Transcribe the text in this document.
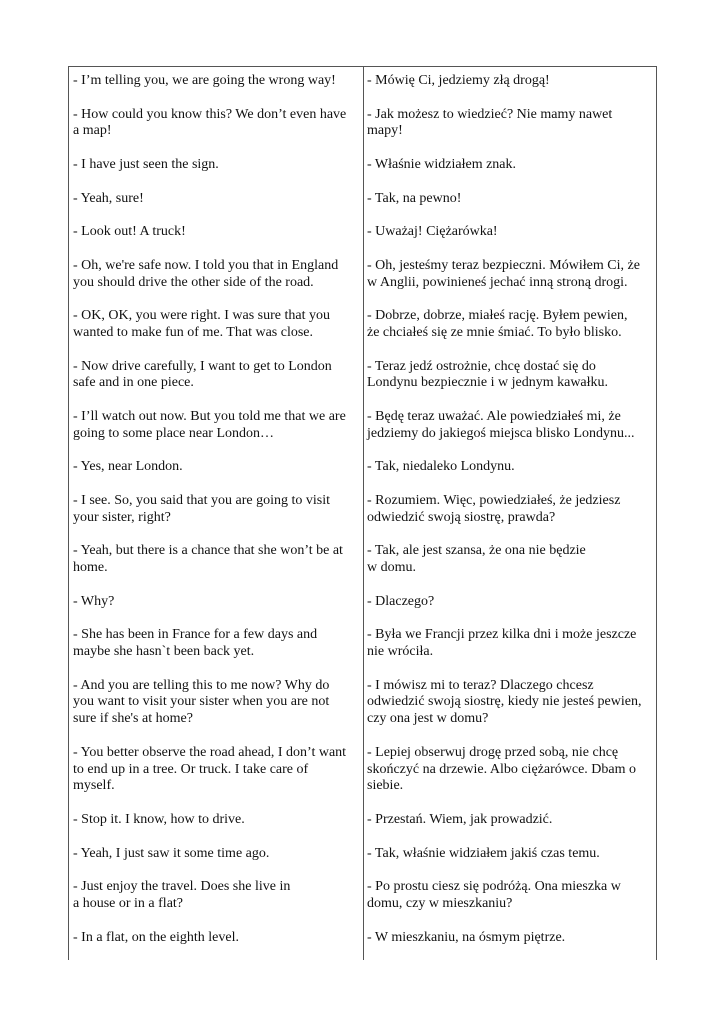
- I’m telling you, we are going the wrong way!
- How could you know this? We don’t even have
a map!
- I have just seen the sign.
- Yeah, sure!
- Look out! A truck!
- Oh, we're safe now. I told you that in England
you should drive the other side of the road.
- OK, OK, you were right. I was sure that you
wanted to make fun of me. That was close.
- Now drive carefully, I want to get to London
safe and in one piece.
- I’ll watch out now. But you told me that we are
going to some place near London…
- Yes, near London.
- I see. So, you said that you are going to visit
your sister, right?
- Yeah, but there is a chance that she won’t be at
home.
- Why?
- She has been in France for a few days and
maybe she hasn`t been back yet.
- And you are telling this to me now? Why do
you want to visit your sister when you are not
sure if she's at home?
- You better observe the road ahead, I don’t want
to end up in a tree. Or truck. I take care of
myself.
- Stop it. I know, how to drive.
- Yeah, I just saw it some time ago.
- Just enjoy the travel. Does she live in
a house or in a flat?
- In a flat, on the eighth level.
- Mówię Ci, jedziemy złą drogą!
- Jak możesz to wiedzieć? Nie mamy nawet
mapy!
- Właśnie widziałem znak.
- Tak, na pewno!
- Uważaj! Ciężarówka!
- Oh, jesteśmy teraz bezpieczni. Mówiłem Ci, że
w Anglii, powinieneś jechać inną stroną drogi.
- Dobrze, dobrze, miałeś rację. Byłem pewien,
że chciałeś się ze mnie śmiać. To było blisko.
- Teraz jedź ostrożnie, chcę dostać się do
Londynu bezpiecznie i w jednym kawałku.
- Będę teraz uważać. Ale powiedziałeś mi, że
jedziemy do jakiegoś miejsca blisko Londynu...
- Tak, niedaleko Londynu.
- Rozumiem. Więc, powiedziałeś, że jedziesz
odwiedzić swoją siostrę, prawda?
- Tak, ale jest szansa, że ona nie będzie
w domu.
- Dlaczego?
- Była we Francji przez kilka dni i może jeszcze
nie wróciła.
- I mówisz mi to teraz? Dlaczego chcesz
odwiedzić swoją siostrę, kiedy nie jesteś pewien,
czy ona jest w domu?
- Lepiej obserwuj drogę przed sobą, nie chcę
skończyć na drzewie. Albo ciężarówce. Dbam o
siebie.
- Przestań. Wiem, jak prowadzić.
- Tak, właśnie widziałem jakiś czas temu.
- Po prostu ciesz się podróżą. Ona mieszka w
domu, czy w mieszkaniu?
- W mieszkaniu, na ósmym piętrze.
